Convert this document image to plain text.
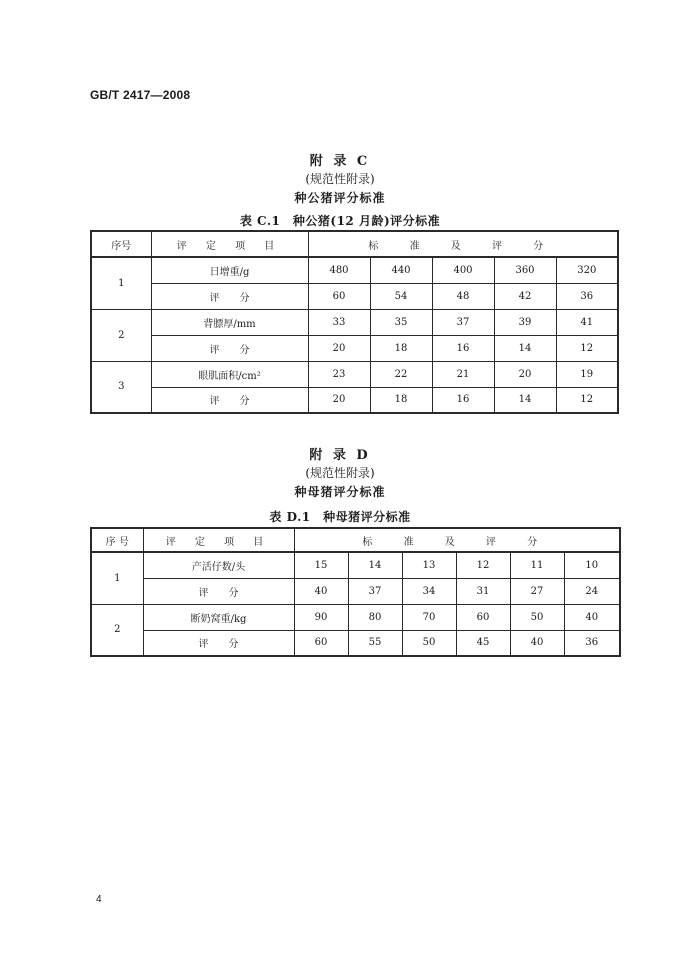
GB/T 2417—2008
附 录 C
(规范性附录)
种公猪评分标准
表 C.1　种公猪(12 月龄)评分标准
序号	评 定 项 目	标 准 及 评 分				
1	日增重/g	480	440	400	360	320
	评　　分	60	54	48	42	36
2	背膘厚/mm	33	35	37	39	41
	评　　分	20	18	16	14	12
3	眼肌面积/cm²	23	22	21	20	19
	评　　分	20	18	16	14	12
附 录 D
(规范性附录)
种母猪评分标准
表 D.1　种母猪评分标准
序 号	评 定 项 目	标 准 及 评 分					
1	产活仔数/头	15	14	13	12	11	10
	评　　分	40	37	34	31	27	24
2	断奶窝重/kg	90	80	70	60	50	40
	评　　分	60	55	50	45	40	36
4
